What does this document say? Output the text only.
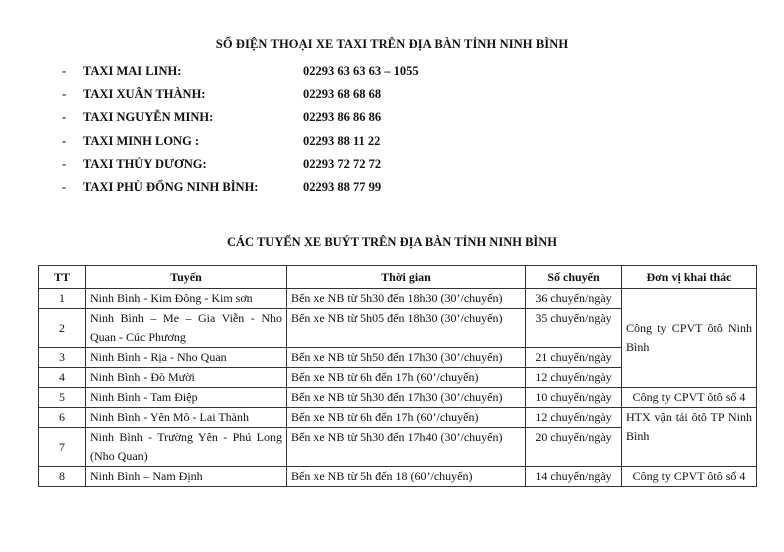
SỐ ĐIỆN THOẠI XE TAXI TRÊN ĐỊA BÀN TỈNH NINH BÌNH
- TAXI MAI LINH:	02293 63 63 63 – 1055
- TAXI XUÂN THÀNH:	02293 68 68 68
- TAXI NGUYỄN MINH:	02293 86 86 86
- TAXI MINH LONG :	02293 88 11 22
- TAXI THỦY DƯƠNG:	02293 72 72 72
- TAXI PHÙ ĐỔNG NINH BÌNH:	02293 88 77 99
CÁC TUYẾN XE BUÝT TRÊN ĐỊA BÀN TỈNH NINH BÌNH
TT	Tuyến	Thời gian	Số chuyến	Đơn vị khai thác
1	Ninh Bình - Kim Đông - Kim sơn	Bến xe NB từ 5h30 đến 18h30 (30’/chuyến)	36 chuyến/ngày	Công ty CPVT ôtô Ninh Bình
2	Ninh Bình – Me – Gia Viễn - Nho Quan - Cúc Phương	Bến xe NB từ 5h05 đến 18h30 (30’/chuyến)	35 chuyến/ngày	
3	Ninh Bình - Rịa - Nho Quan	Bến xe NB từ 5h50 đến 17h30 (30’/chuyến)	21 chuyến/ngày	
4	Ninh Bình - Đò Mười	Bến xe NB từ 6h đến 17h (60’/chuyến)	12 chuyến/ngày	
5	Ninh Bình - Tam Điệp	Bến xe NB từ 5h30 đến 17h30 (30’/chuyến)	10 chuyến/ngày	Công ty CPVT ôtô số 4
6	Ninh Bình - Yên Mô - Lai Thành	Bến xe NB từ 6h đến 17h (60’/chuyến)	12 chuyến/ngày	HTX vận tải ôtô TP Ninh Bình
7	Ninh Bình - Trường Yên - Phú Long (Nho Quan)	Bến xe NB từ 5h30 đến 17h40 (30’/chuyến)	20 chuyến/ngày	
8	Ninh Bình – Nam Định	Bến xe NB từ 5h đến 18 (60’/chuyến)	14 chuyến/ngày	Công ty CPVT ôtô số 4
